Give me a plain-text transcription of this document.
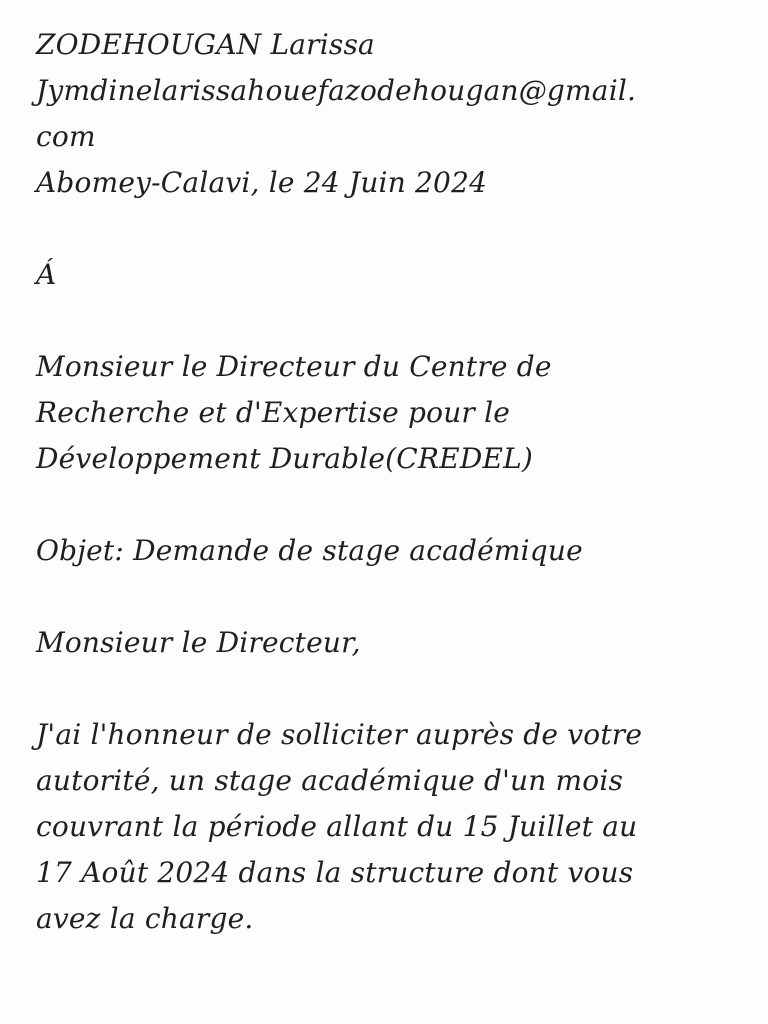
ZODEHOUGAN Larissa
Jymdinelarissahouefazodehougan@gmail.
com
Abomey-Calavi, le 24 Juin 2024
Á
Monsieur le Directeur du Centre de
Recherche et d'Expertise pour le
Développement Durable(CREDEL)
Objet: Demande de stage académique
Monsieur le Directeur,
J'ai l'honneur de solliciter auprès de votre
autorité, un stage académique d'un mois
couvrant la période allant du 15 Juillet au
17 Août 2024 dans la structure dont vous
avez la charge.
